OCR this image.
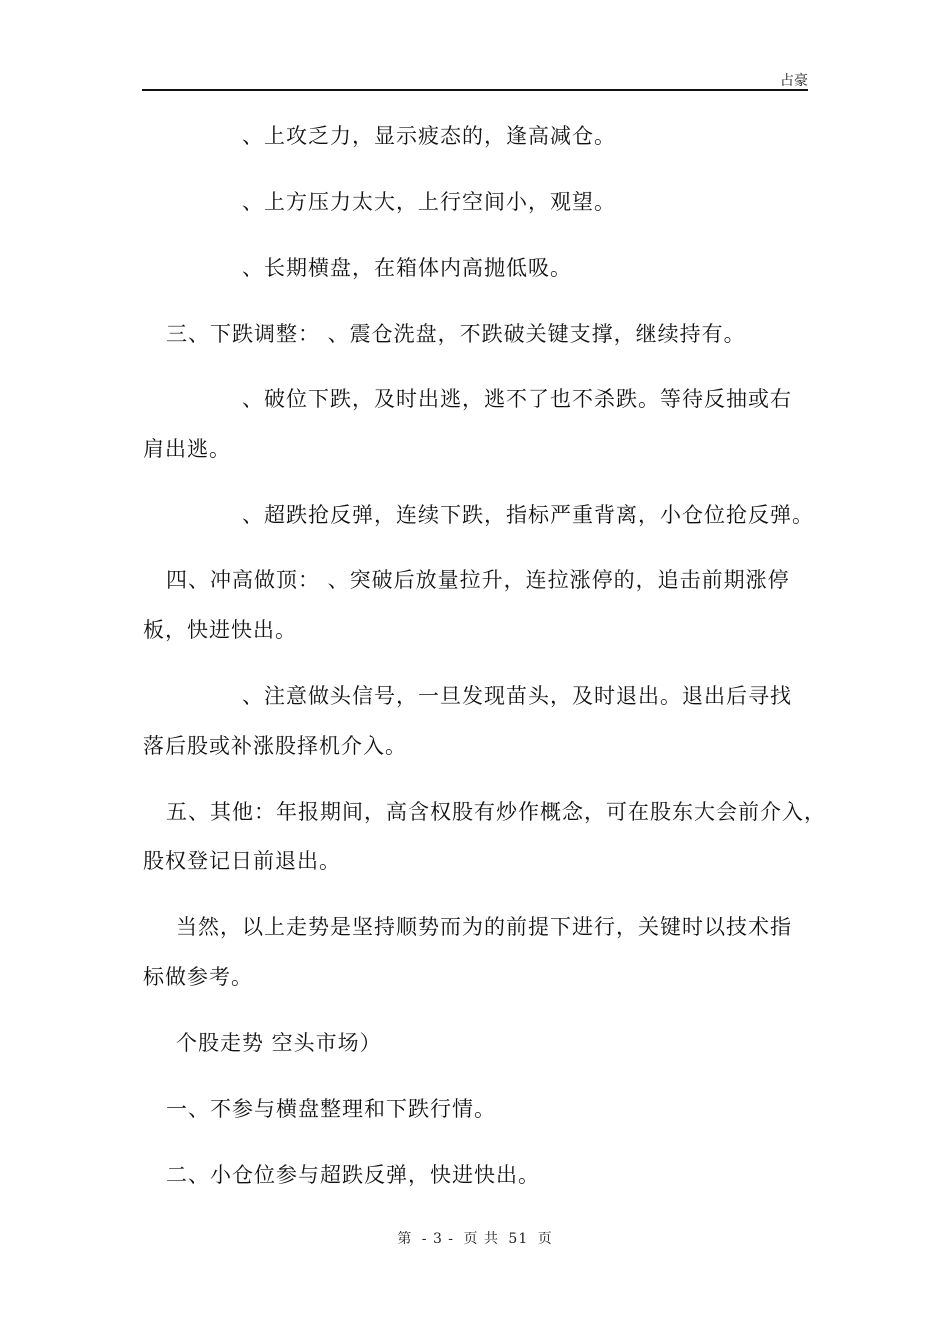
占豪
、上攻乏力，显示疲态的，逢高减仓。
、上方压力太大，上行空间小，观望。
、长期横盘，在箱体内高抛低吸。
三、下跌调整： 、震仓洗盘，不跌破关键支撑，继续持有。
、破位下跌，及时出逃，逃不了也不杀跌。等待反抽或右
肩出逃。
、超跌抢反弹，连续下跌，指标严重背离，小仓位抢反弹。
四、冲高做顶： 、突破后放量拉升，连拉涨停的，追击前期涨停
板，快进快出。
、注意做头信号，一旦发现苗头，及时退出。退出后寻找
落后股或补涨股择机介入。
五、其他：年报期间，高含权股有炒作概念，可在股东大会前介入，
股权登记日前退出。
当然，以上走势是坚持顺势而为的前提下进行，关键时以技术指
标做参考。
个股走势 空头市场）
一、不参与横盘整理和下跌行情。
二、小仓位参与超跌反弹，快进快出。
第 - 3 - 页 共 51 页
